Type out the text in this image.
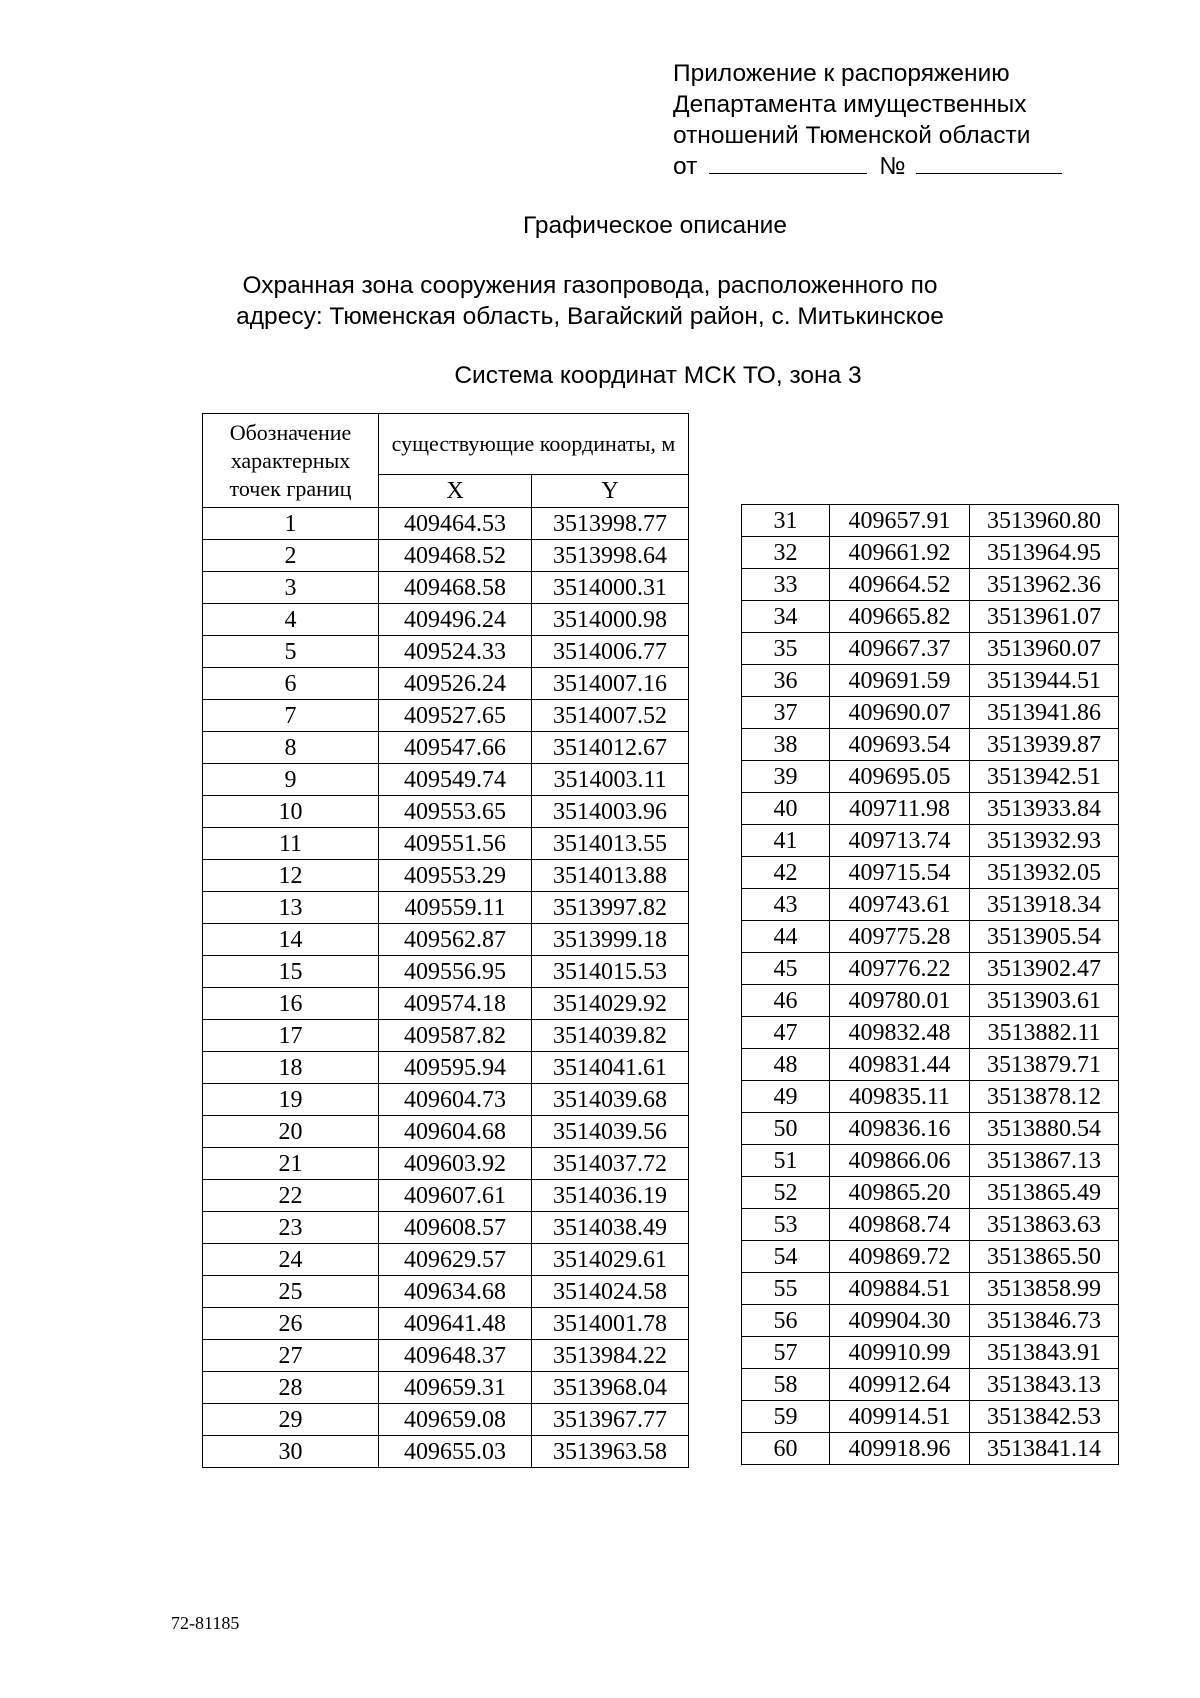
Приложение к распоряжению
Департамента имущественных
отношений Тюменской области
от	№
Графическое описание
Охранная зона сооружения газопровода, расположенного по
адресу: Тюменская область, Вагайский район, с. Митькинское
Система координат МСК ТО, зона 3
Обозначение характерных точек границ	существующие координаты, м	
	X	Y
1	409464.53	3513998.77
2	409468.52	3513998.64
3	409468.58	3514000.31
4	409496.24	3514000.98
5	409524.33	3514006.77
6	409526.24	3514007.16
7	409527.65	3514007.52
8	409547.66	3514012.67
9	409549.74	3514003.11
10	409553.65	3514003.96
11	409551.56	3514013.55
12	409553.29	3514013.88
13	409559.11	3513997.82
14	409562.87	3513999.18
15	409556.95	3514015.53
16	409574.18	3514029.92
17	409587.82	3514039.82
18	409595.94	3514041.61
19	409604.73	3514039.68
20	409604.68	3514039.56
21	409603.92	3514037.72
22	409607.61	3514036.19
23	409608.57	3514038.49
24	409629.57	3514029.61
25	409634.68	3514024.58
26	409641.48	3514001.78
27	409648.37	3513984.22
28	409659.31	3513968.04
29	409659.08	3513967.77
30	409655.03	3513963.58
31	409657.91	3513960.80
32	409661.92	3513964.95
33	409664.52	3513962.36
34	409665.82	3513961.07
35	409667.37	3513960.07
36	409691.59	3513944.51
37	409690.07	3513941.86
38	409693.54	3513939.87
39	409695.05	3513942.51
40	409711.98	3513933.84
41	409713.74	3513932.93
42	409715.54	3513932.05
43	409743.61	3513918.34
44	409775.28	3513905.54
45	409776.22	3513902.47
46	409780.01	3513903.61
47	409832.48	3513882.11
48	409831.44	3513879.71
49	409835.11	3513878.12
50	409836.16	3513880.54
51	409866.06	3513867.13
52	409865.20	3513865.49
53	409868.74	3513863.63
54	409869.72	3513865.50
55	409884.51	3513858.99
56	409904.30	3513846.73
57	409910.99	3513843.91
58	409912.64	3513843.13
59	409914.51	3513842.53
60	409918.96	3513841.14
72-81185
